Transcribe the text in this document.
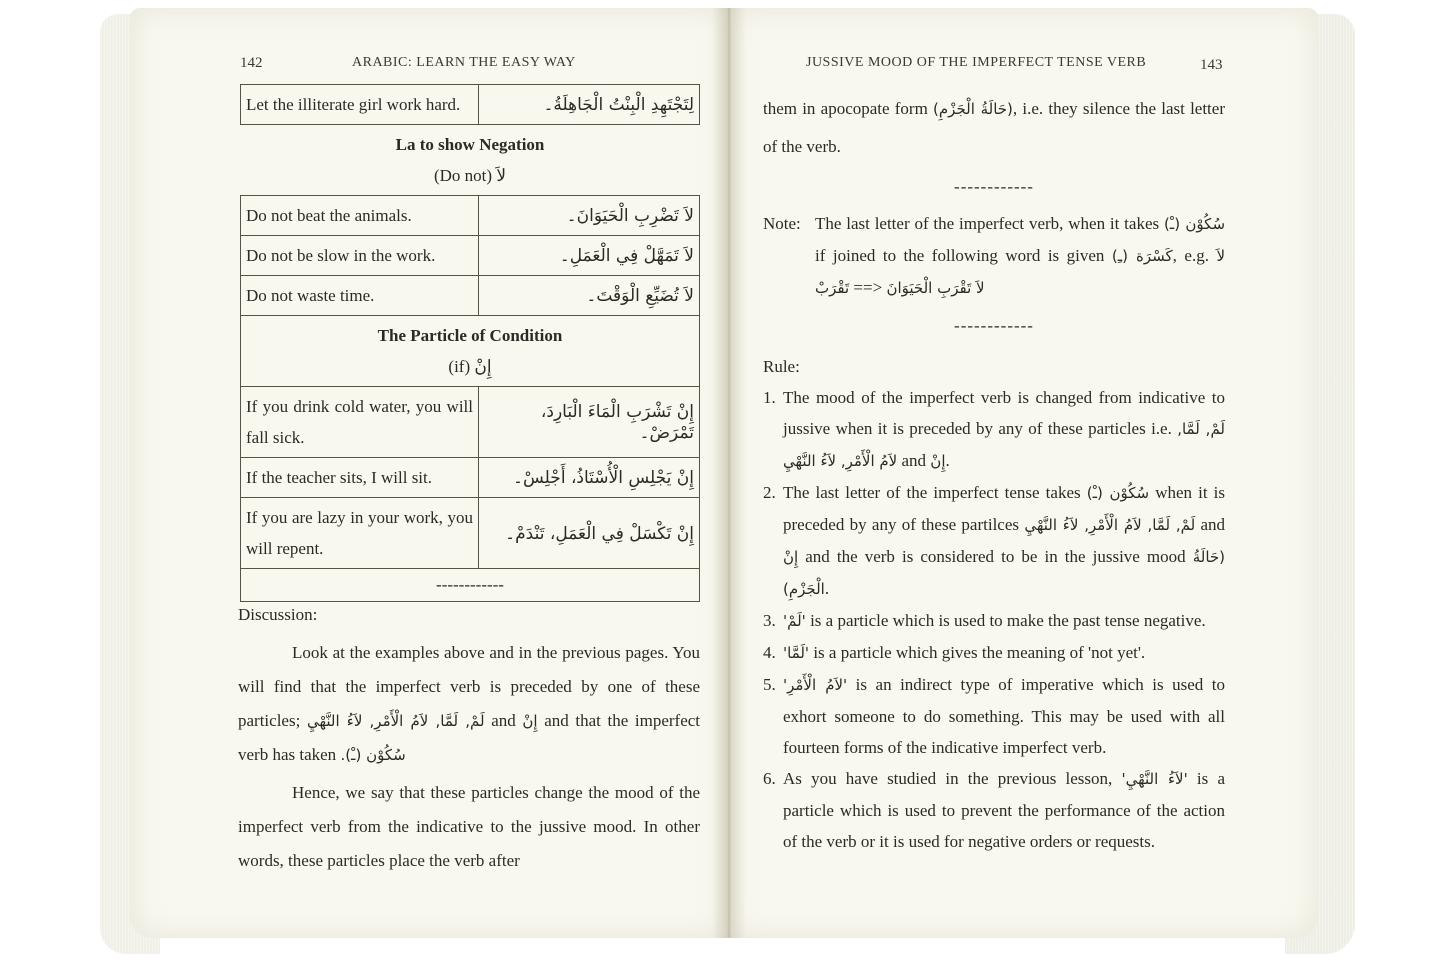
142	ARABIC: LEARN THE EASY WAY
Let the illiterate girl work hard.	لِتَجْتَهِدِ الْبِنْتُ الْجَاهِلَةُ۔

La to show Negation
(Do not) لاَ	

Do not beat the animals.	لاَ تَضْرِبِ الْحَيَوَانَ۔
Do not be slow in the work.	لاَ تَمَهَّلْ فِي الْعَمَلِ۔
Do not waste time.	لاَ تُضَيِّعِ الْوَقْتَ۔

The Particle of Condition
(if) إِنْ	

If you drink cold water, you will fall sick.	إِنْ تَشْرَبِ الْمَاءَ الْبَارِدَ، تَمْرَضْ۔
If the teacher sits, I will sit.	إِنْ يَجْلِسِ الْأُسْتَاذُ، أَجْلِسْ۔
If you are lazy in your work, you will repent.	إِنْ تَكْسَلْ فِي الْعَمَلِ، تَنْدَمْ۔
------------	
Discussion:

Look at the examples above and in the previous pages. You will find that the imperfect verb is preceded by one of these particles; لَمْ, لَمَّا, لاَمُ الْأَمْرِ, لاَءُ النَّهْيِ and إِنْ and that the imperfect verb has taken سُكُوْن (ـْ).

Hence, we say that these particles change the mood of the imperfect verb from the indicative to the jussive mood. In other words, these particles place the verb after

JUSSIVE MOOD OF THE IMPERFECT TENSE VERB	143
them in apocopate form (حَالَةُ الْجَزْمِ), i.e. they silence the last letter of the verb.
------------
Note: The last letter of the imperfect verb, when it takes سُكُوْن (ـْ) if joined to the following word is given كَسْرَة (ـِ), e.g. لاَ تَقْرَبْ ==> لاَ تَقْرَبِ الْحَيَوَانَ
------------
Rule:
1. The mood of the imperfect verb is changed from indicative to jussive when it is preceded by any of these particles i.e. لَمْ, لَمَّا, لاَمُ الْأَمْرِ, لاَءُ النَّهْيِ and إِنْ.
2. The last letter of the imperfect tense takes سُكُوْن (ـْ) when it is preceded by any of these partilces لَمْ, لَمَّا, لاَمُ الْأَمْرِ, لاَءُ النَّهْيِ and إِنْ and the verb is considered to be in the jussive mood (حَالَةُ الْجَزْمِ).
3. 'لَمْ' is a particle which is used to make the past tense negative.
4. 'لَمَّا' is a particle which gives the meaning of 'not yet'.
5. 'لاَمُ الْأَمْرِ' is an indirect type of imperative which is used to exhort someone to do something. This may be used with all fourteen forms of the indicative imperfect verb.
6. As you have studied in the previous lesson, 'لاَءُ النَّهْيِ' is a particle which is used to prevent the performance of the action of the verb or it is used for negative orders or requests.
